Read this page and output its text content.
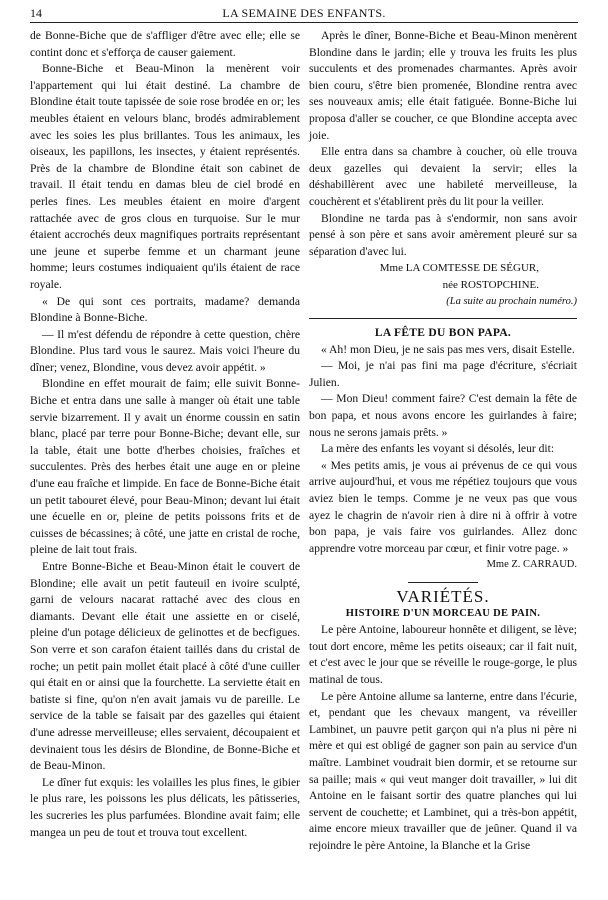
14	LA SEMAINE DES ENFANTS.

de Bonne-Biche que de s'affliger d'être avec elle; elle se contint donc et s'efforça de causer gaiement.

Bonne-Biche et Beau-Minon la menèrent voir l'appartement qui lui était destiné. La chambre de Blondine était toute tapissée de soie rose brodée en or; les meubles étaient en velours blanc, brodés admirablement avec les soies les plus brillantes. Tous les animaux, les oiseaux, les papillons, les insectes, y étaient représentés. Près de la chambre de Blondine était son cabinet de travail. Il était tendu en damas bleu de ciel brodé en perles fines. Les meubles étaient en moire d'argent rattachée avec de gros clous en turquoise. Sur le mur étaient accrochés deux magnifiques portraits représentant une jeune et superbe femme et un charmant jeune homme; leurs costumes indiquaient qu'ils étaient de race royale.

« De qui sont ces portraits, madame? demanda Blondine à Bonne-Biche.

— Il m'est défendu de répondre à cette question, chère Blondine. Plus tard vous le saurez. Mais voici l'heure du dîner; venez, Blondine, vous devez avoir appétit. »

Blondine en effet mourait de faim; elle suivit Bonne-Biche et entra dans une salle à manger où était une table servie bizarrement. Il y avait un énorme coussin en satin blanc, placé par terre pour Bonne-Biche; devant elle, sur la table, était une botte d'herbes choisies, fraîches et succulentes. Près des herbes était une auge en or pleine d'une eau fraîche et limpide. En face de Bonne-Biche était un petit tabouret élevé, pour Beau-Minon; devant lui était une écuelle en or, pleine de petits poissons frits et de cuisses de bécassines; à côté, une jatte en cristal de roche, pleine de lait tout frais.

Entre Bonne-Biche et Beau-Minon était le couvert de Blondine; elle avait un petit fauteuil en ivoire sculpté, garni de velours nacarat rattaché avec des clous en diamants. Devant elle était une assiette en or ciselé, pleine d'un potage délicieux de gelinottes et de becfigues. Son verre et son carafon étaient taillés dans du cristal de roche; un petit pain mollet était placé à côté d'une cuiller qui était en or ainsi que la fourchette. La serviette était en batiste si fine, qu'on n'en avait jamais vu de pareille. Le service de la table se faisait par des gazelles qui étaient d'une adresse merveilleuse; elles servaient, découpaient et devinaient tous les désirs de Blondine, de Bonne-Biche et de Beau-Minon.

Le dîner fut exquis: les volailles les plus fines, le gibier le plus rare, les poissons les plus délicats, les pâtisseries, les sucreries les plus parfumées. Blondine avait faim; elle mangea un peu de tout et trouva tout excellent.

Après le dîner, Bonne-Biche et Beau-Minon menèrent Blondine dans le jardin; elle y trouva les fruits les plus succulents et des promenades charmantes. Après avoir bien couru, s'être bien promenée, Blondine rentra avec ses nouveaux amis; elle était fatiguée. Bonne-Biche lui proposa d'aller se coucher, ce que Blondine accepta avec joie.

Elle entra dans sa chambre à coucher, où elle trouva deux gazelles qui devaient la servir; elles la déshabillèrent avec une habileté merveilleuse, la couchèrent et s'établirent près du lit pour la veiller.

Blondine ne tarda pas à s'endormir, non sans avoir pensé à son père et sans avoir amèrement pleuré sur sa séparation d'avec lui.

Mme LA COMTESSE DE SÉGUR,

née ROSTOPCHINE.

(La suite au prochain numéro.)

LA FÊTE DU BON PAPA.

« Ah! mon Dieu, je ne sais pas mes vers, disait Estelle.

— Moi, je n'ai pas fini ma page d'écriture, s'écriait Julien.

— Mon Dieu! comment faire? C'est demain la fête de bon papa, et nous avons encore les guirlandes à faire; nous ne serons jamais prêts. »

La mère des enfants les voyant si désolés, leur dit:

« Mes petits amis, je vous ai prévenus de ce qui vous arrive aujourd'hui, et vous me répétiez toujours que vous aviez bien le temps. Comme je ne veux pas que vous ayez le chagrin de n'avoir rien à dire ni à offrir à votre bon papa, je vais faire vos guirlandes. Allez donc apprendre votre morceau par cœur, et finir votre page. »

Mme Z. CARRAUD.

VARIÉTÉS.

HISTOIRE D'UN MORCEAU DE PAIN.

Le père Antoine, laboureur honnête et diligent, se lève; tout dort encore, même les petits oiseaux; car il fait nuit, et c'est avec le jour que se réveille le rouge-gorge, le plus matinal de tous.

Le père Antoine allume sa lanterne, entre dans l'écurie, et, pendant que les chevaux mangent, va réveiller Lambinet, un pauvre petit garçon qui n'a plus ni père ni mère et qui est obligé de gagner son pain au service d'un maître. Lambinet voudrait bien dormir, et se retourne sur sa paille; mais « qui veut manger doit travailler, » lui dit Antoine en le faisant sortir des quatre planches qui lui servent de couchette; et Lambinet, qui a très-bon appétit, aime encore mieux travailler que de jeûner. Quand il va rejoindre le père Antoine, la Blanche et la Grise
